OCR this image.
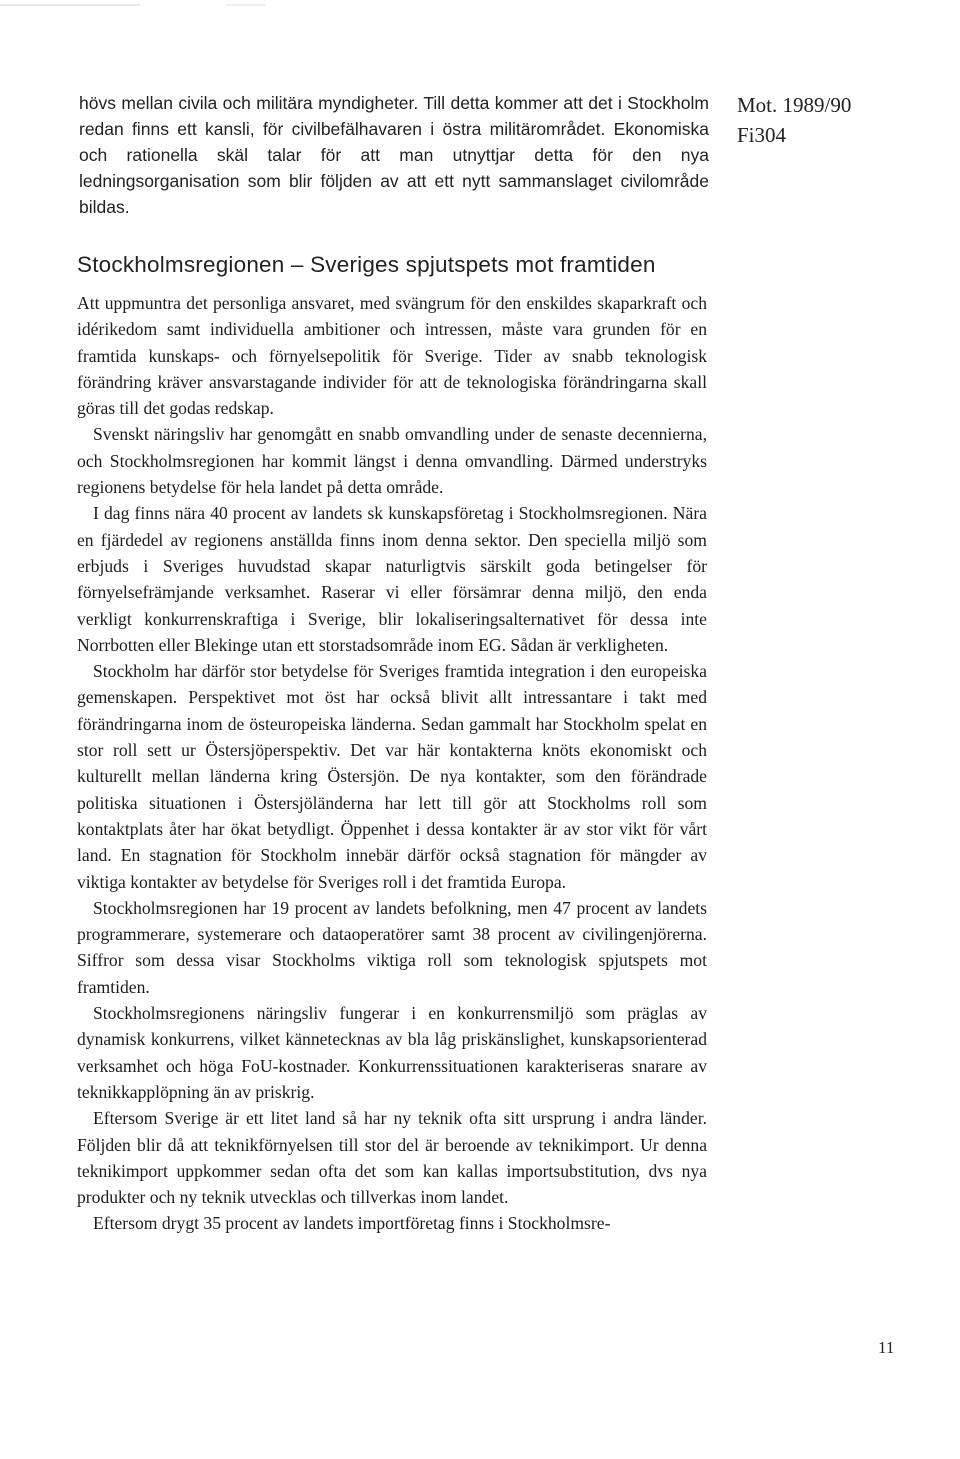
hövs mellan civila och militära myndigheter. Till detta kommer att det i Stockholm redan finns ett kansli, för civilbefälhavaren i östra militärområdet. Ekonomiska och rationella skäl talar för att man utnyttjar detta för den nya ledningsorganisation som blir följden av att ett nytt sammanslaget civilområde bildas.

Mot. 1989/90
Fi304
Stockholmsregionen – Sveriges spjutspets mot framtiden

Att uppmuntra det personliga ansvaret, med svängrum för den enskildes skaparkraft och idérikedom samt individuella ambitioner och intressen, måste vara grunden för en framtida kunskaps- och förnyelsepolitik för Sverige. Tider av snabb teknologisk förändring kräver ansvarstagande individer för att de teknologiska förändringarna skall göras till det godas redskap.

Svenskt näringsliv har genomgått en snabb omvandling under de senaste decennierna, och Stockholmsregionen har kommit längst i denna omvandling. Därmed understryks regionens betydelse för hela landet på detta område.

I dag finns nära 40 procent av landets sk kunskapsföretag i Stockholmsregionen. Nära en fjärdedel av regionens anställda finns inom denna sektor. Den speciella miljö som erbjuds i Sveriges huvudstad skapar naturligtvis särskilt goda betingelser för förnyelsefrämjande verksamhet. Raserar vi eller försämrar denna miljö, den enda verkligt konkurrenskraftiga i Sverige, blir lokaliseringsalternativet för dessa inte Norrbotten eller Blekinge utan ett storstadsområde inom EG. Sådan är verkligheten.

Stockholm har därför stor betydelse för Sveriges framtida integration i den europeiska gemenskapen. Perspektivet mot öst har också blivit allt intressantare i takt med förändringarna inom de östeuropeiska länderna. Sedan gammalt har Stockholm spelat en stor roll sett ur Östersjöperspektiv. Det var här kontakterna knöts ekonomiskt och kulturellt mellan länderna kring Östersjön. De nya kontakter, som den förändrade politiska situationen i Östersjöländerna har lett till gör att Stockholms roll som kontaktplats åter har ökat betydligt. Öppenhet i dessa kontakter är av stor vikt för vårt land. En stagnation för Stockholm innebär därför också stagnation för mängder av viktiga kontakter av betydelse för Sveriges roll i det framtida Europa.

Stockholmsregionen har 19 procent av landets befolkning, men 47 procent av landets programmerare, systemerare och dataoperatörer samt 38 procent av civilingenjörerna. Siffror som dessa visar Stockholms viktiga roll som teknologisk spjutspets mot framtiden.

Stockholmsregionens näringsliv fungerar i en konkurrensmiljö som präglas av dynamisk konkurrens, vilket kännetecknas av bla låg priskänslighet, kunskapsorienterad verksamhet och höga FoU-kostnader. Konkurrenssituationen karakteriseras snarare av teknikkapplöpning än av priskrig.

Eftersom Sverige är ett litet land så har ny teknik ofta sitt ursprung i andra länder. Följden blir då att teknikförnyelsen till stor del är beroende av teknikimport. Ur denna teknikimport uppkommer sedan ofta det som kan kallas importsubstitution, dvs nya produkter och ny teknik utvecklas och tillverkas inom landet.

Eftersom drygt 35 procent av landets importföretag finns i Stockholmsre-

11
